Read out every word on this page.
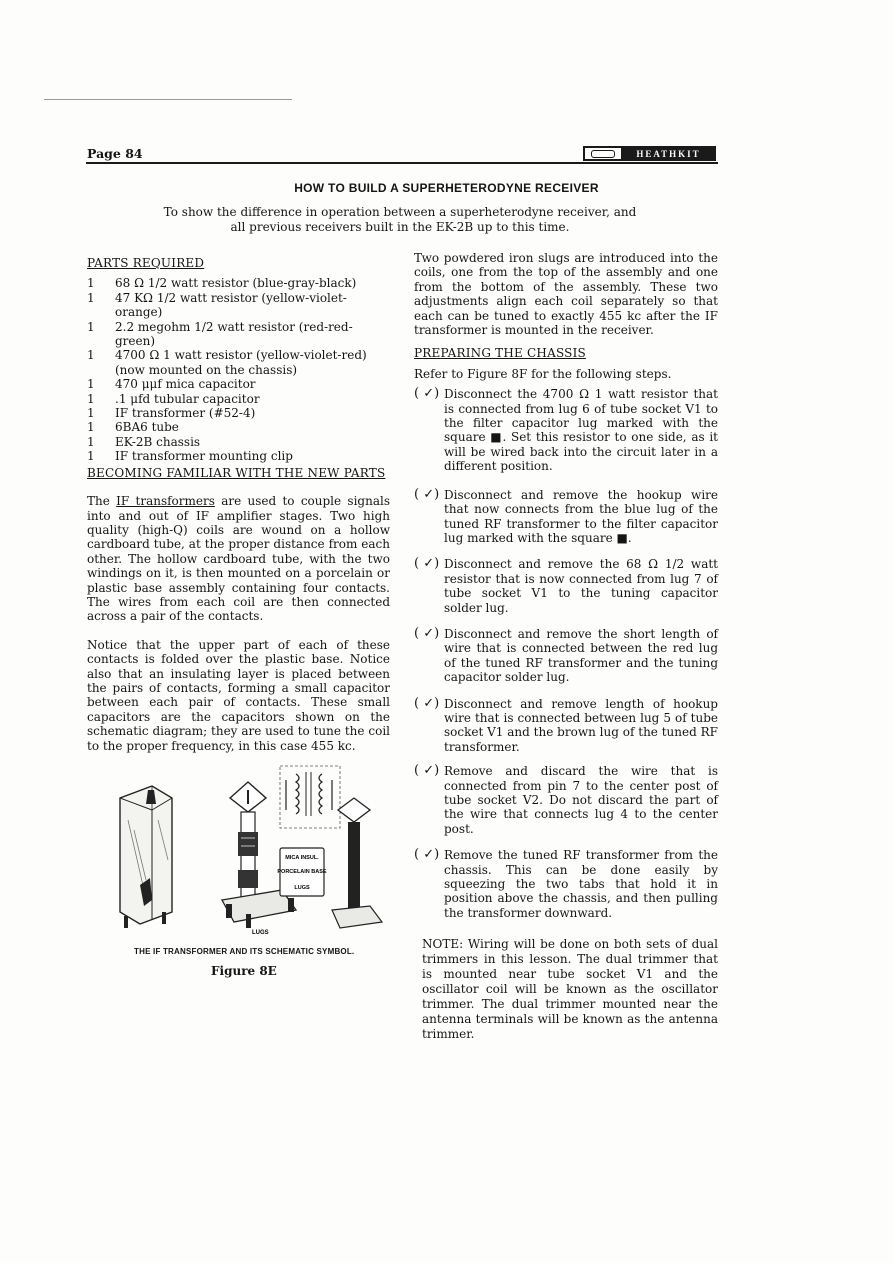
Page 84	HEATHKIT
HOW TO BUILD A SUPERHETERODYNE RECEIVER
To show the difference in operation between a superheterodyne receiver, and all previous receivers built in the EK-2B up to this time.
PARTS REQUIRED
1	68 Ω 1/2 watt resistor (blue-gray-black)
1	47 KΩ 1/2 watt resistor (yellow-violet-orange)
1	2.2 megohm 1/2 watt resistor (red-red-green)
1	4700 Ω 1 watt resistor (yellow-violet-red) (now mounted on the chassis)
1	470 μμf mica capacitor
1	.1 μfd tubular capacitor
1	IF transformer (#52-4)
1	6BA6 tube
1	EK-2B chassis
1	IF transformer mounting clip
BECOMING FAMILIAR WITH THE NEW PARTS

The IF transformers are used to couple signals into and out of IF amplifier stages. Two high quality (high-Q) coils are wound on a hollow cardboard tube, at the proper distance from each other. The hollow cardboard tube, with the two windings on it, is then mounted on a porcelain or plastic base assembly containing four contacts. The wires from each coil are then connected across a pair of the contacts.

Notice that the upper part of each of these contacts is folded over the plastic base. Notice also that an insulating layer is placed between the pairs of contacts, forming a small capacitor between each pair of contacts. These small capacitors are the capacitors shown on the schematic diagram; they are used to tune the coil to the proper frequency, in this case 455 kc.

MICA INSUL.
PORCELAIN BASE
LUGS
LUGS
THE IF TRANSFORMER AND ITS SCHEMATIC SYMBOL.
Figure 8E

Two powdered iron slugs are introduced into the coils, one from the top of the assembly and one from the bottom of the assembly. These two adjustments align each coil separately so that each can be tuned to exactly 455 kc after the IF transformer is mounted in the receiver.

PREPARING THE CHASSIS

Refer to Figure 8F for the following steps.

( ✓) Disconnect the 4700 Ω 1 watt resistor that is connected from lug 6 of tube socket V1 to the filter capacitor lug marked with the square ■. Set this resistor to one side, as it will be wired back into the circuit later in a different position.
( ✓) Disconnect and remove the hookup wire that now connects from the blue lug of the tuned RF transformer to the filter capacitor lug marked with the square ■.
( ✓) Disconnect and remove the 68 Ω 1/2 watt resistor that is now connected from lug 7 of tube socket V1 to the tuning capacitor solder lug.
( ✓) Disconnect and remove the short length of wire that is connected between the red lug of the tuned RF transformer and the tuning capacitor solder lug.
( ✓) Disconnect and remove length of hookup wire that is connected between lug 5 of tube socket V1 and the brown lug of the tuned RF transformer.
( ✓) Remove and discard the wire that is connected from pin 7 to the center post of tube socket V2. Do not discard the part of the wire that connects lug 4 to the center post.
( ✓) Remove the tuned RF transformer from the chassis. This can be done easily by squeezing the two tabs that hold it in position above the chassis, and then pulling the transformer downward.
NOTE: Wiring will be done on both sets of dual trimmers in this lesson. The dual trimmer that is mounted near tube socket V1 and the oscillator coil will be known as the oscillator trimmer. The dual trimmer mounted near the antenna terminals will be known as the antenna trimmer.
